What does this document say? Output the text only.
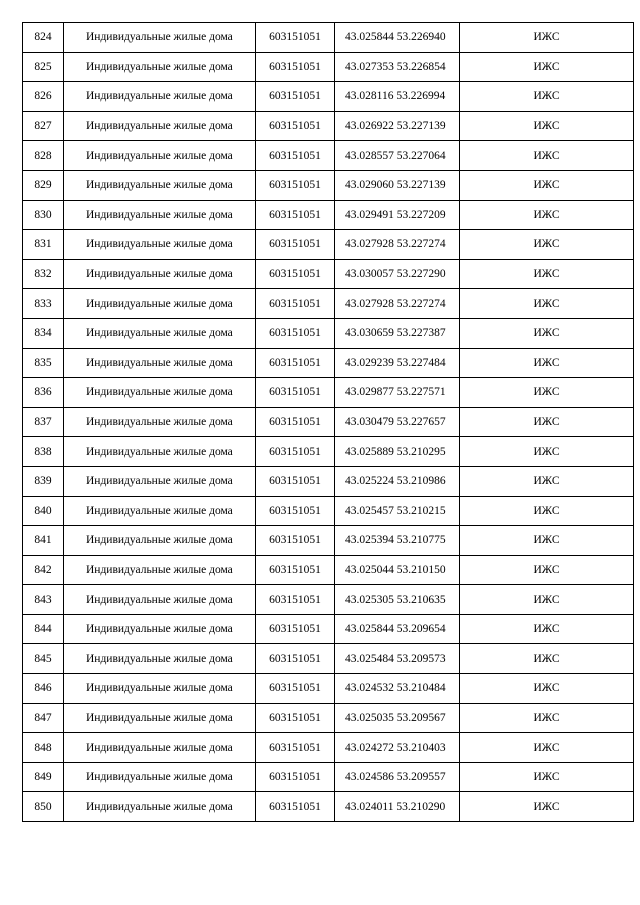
824	Индивидуальные жилые дома	603151051	43.025844 53.226940	ИЖС
825	Индивидуальные жилые дома	603151051	43.027353 53.226854	ИЖС
826	Индивидуальные жилые дома	603151051	43.028116 53.226994	ИЖС
827	Индивидуальные жилые дома	603151051	43.026922 53.227139	ИЖС
828	Индивидуальные жилые дома	603151051	43.028557 53.227064	ИЖС
829	Индивидуальные жилые дома	603151051	43.029060 53.227139	ИЖС
830	Индивидуальные жилые дома	603151051	43.029491 53.227209	ИЖС
831	Индивидуальные жилые дома	603151051	43.027928 53.227274	ИЖС
832	Индивидуальные жилые дома	603151051	43.030057 53.227290	ИЖС
833	Индивидуальные жилые дома	603151051	43.027928 53.227274	ИЖС
834	Индивидуальные жилые дома	603151051	43.030659 53.227387	ИЖС
835	Индивидуальные жилые дома	603151051	43.029239 53.227484	ИЖС
836	Индивидуальные жилые дома	603151051	43.029877 53.227571	ИЖС
837	Индивидуальные жилые дома	603151051	43.030479 53.227657	ИЖС
838	Индивидуальные жилые дома	603151051	43.025889 53.210295	ИЖС
839	Индивидуальные жилые дома	603151051	43.025224 53.210986	ИЖС
840	Индивидуальные жилые дома	603151051	43.025457 53.210215	ИЖС
841	Индивидуальные жилые дома	603151051	43.025394 53.210775	ИЖС
842	Индивидуальные жилые дома	603151051	43.025044 53.210150	ИЖС
843	Индивидуальные жилые дома	603151051	43.025305 53.210635	ИЖС
844	Индивидуальные жилые дома	603151051	43.025844 53.209654	ИЖС
845	Индивидуальные жилые дома	603151051	43.025484 53.209573	ИЖС
846	Индивидуальные жилые дома	603151051	43.024532 53.210484	ИЖС
847	Индивидуальные жилые дома	603151051	43.025035 53.209567	ИЖС
848	Индивидуальные жилые дома	603151051	43.024272 53.210403	ИЖС
849	Индивидуальные жилые дома	603151051	43.024586 53.209557	ИЖС
850	Индивидуальные жилые дома	603151051	43.024011 53.210290	ИЖС
